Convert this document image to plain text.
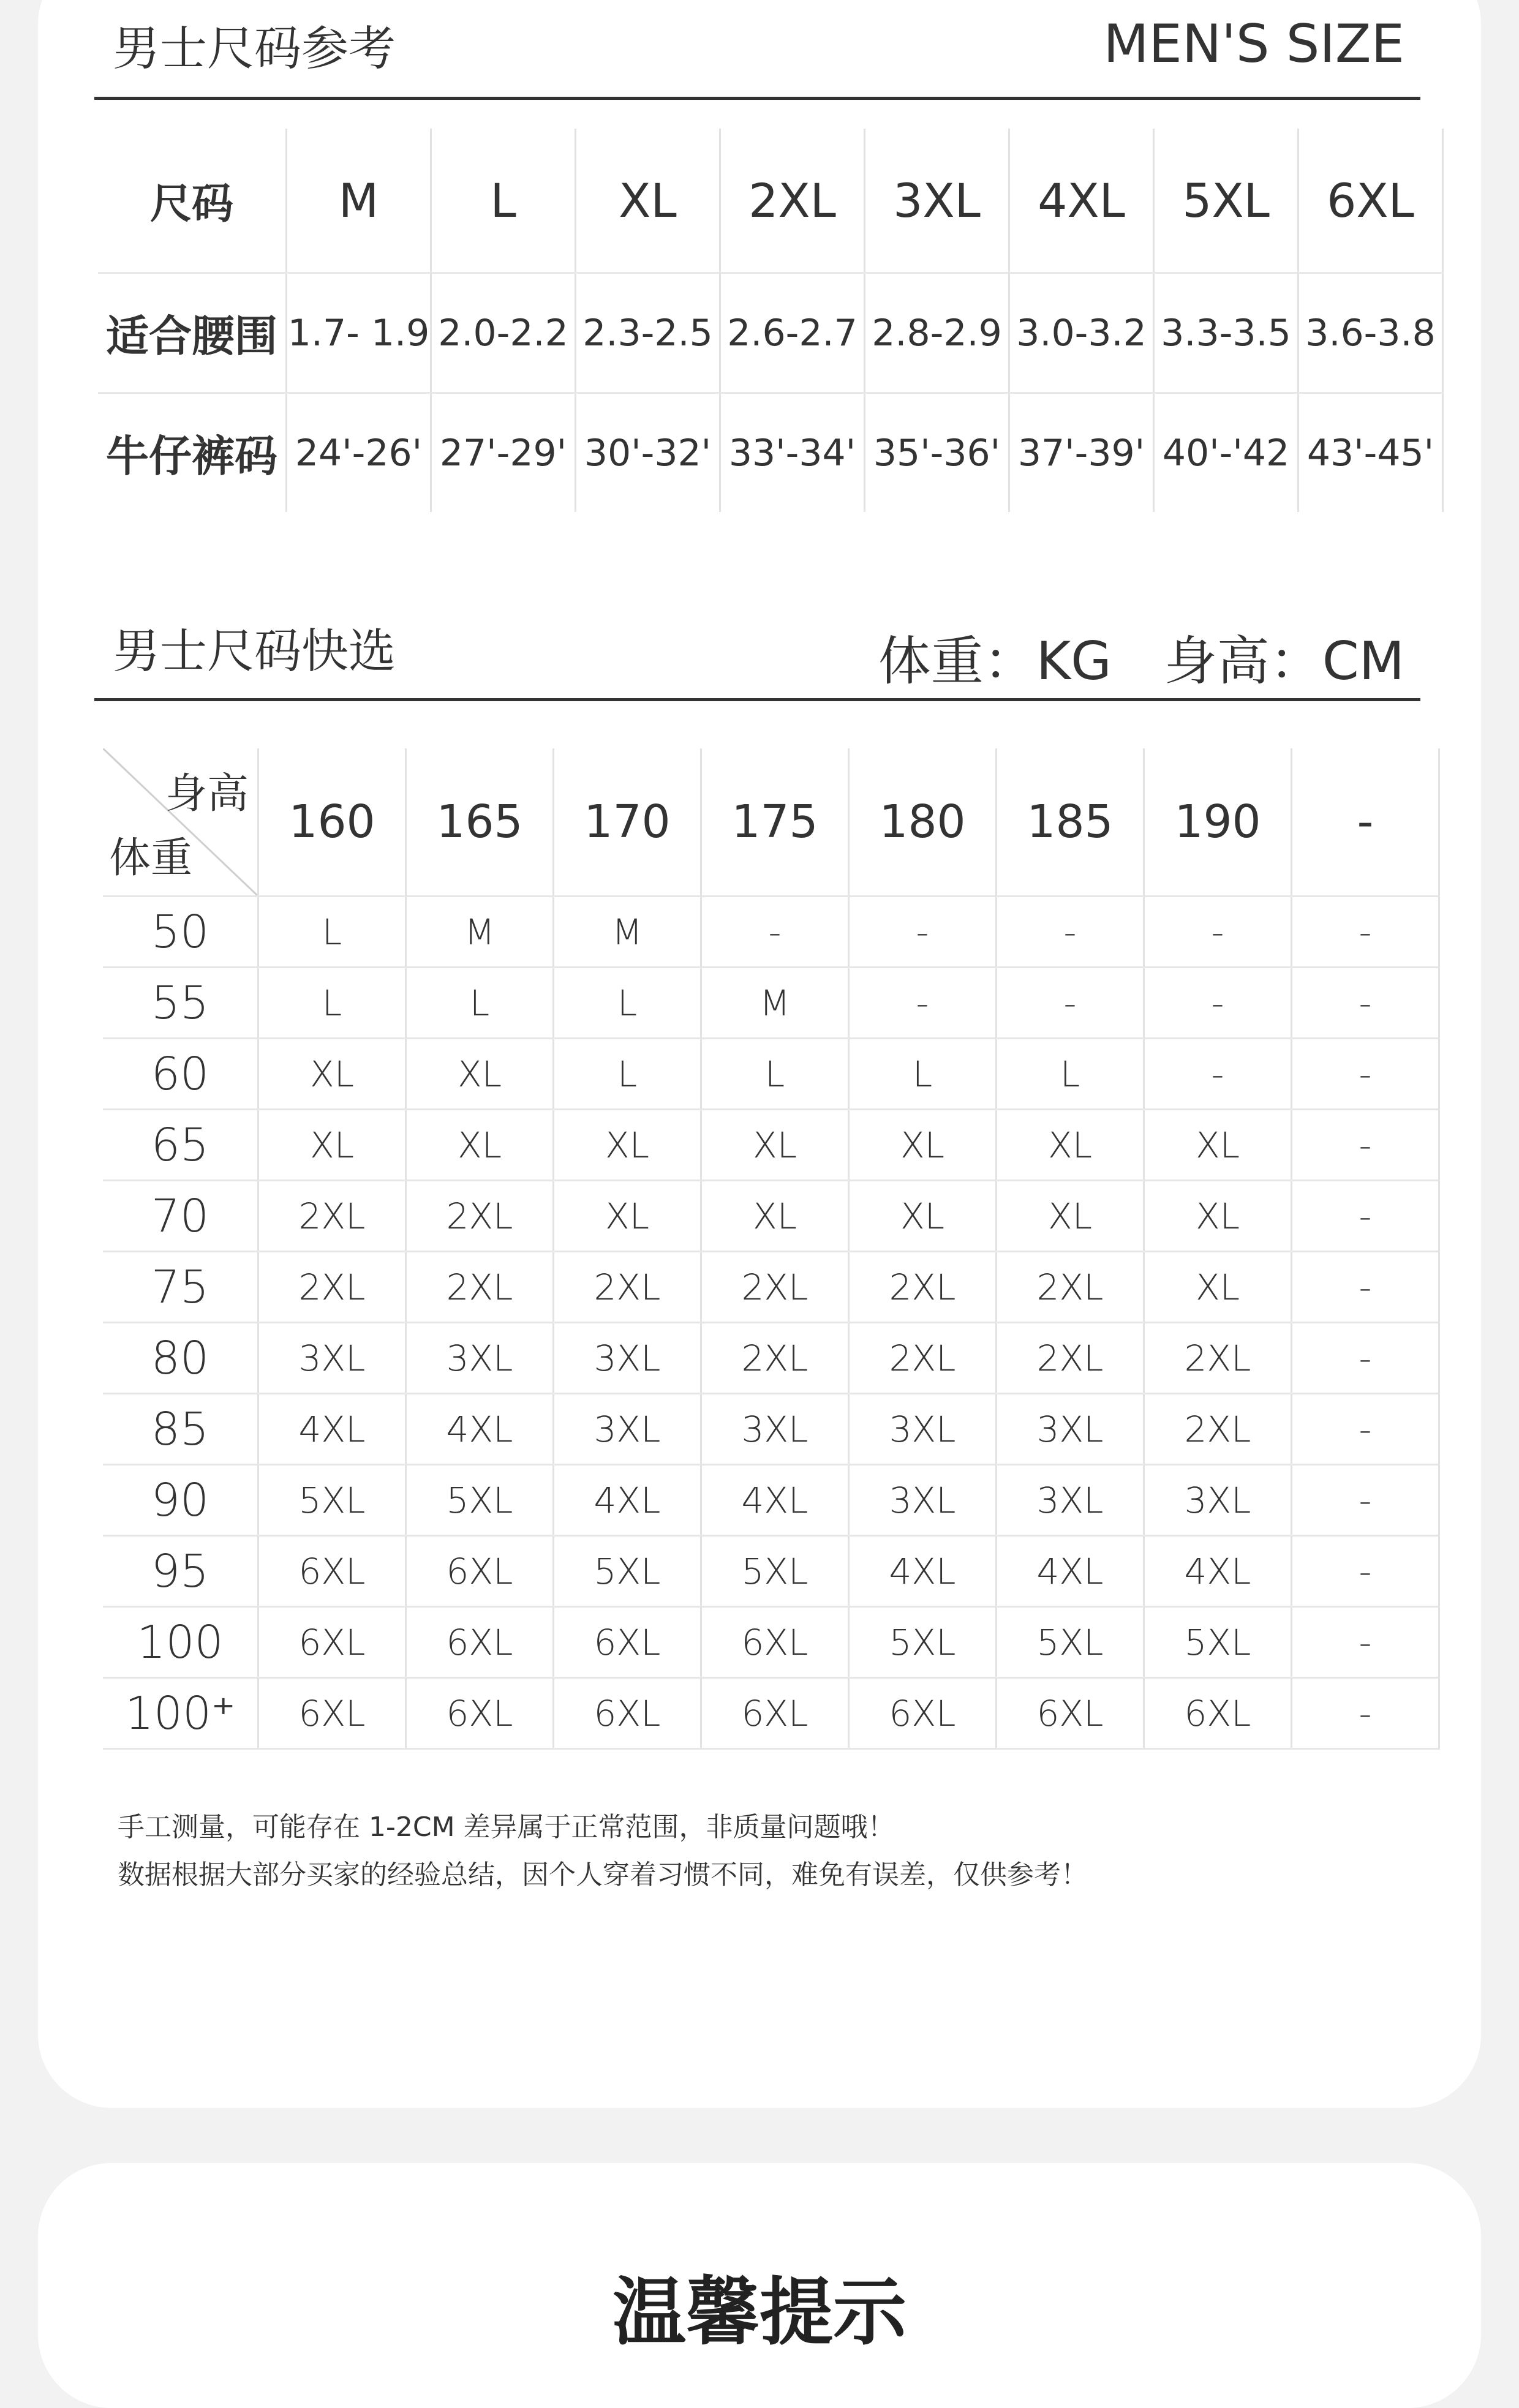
男士尺码参考	MEN'S SIZE
尺码	M	L	XL	2XL	3XL	4XL	5XL	6XL
适合腰围	1.7- 1.9	2.0-2.2	2.3-2.5	2.6-2.7	2.8-2.9	3.0-3.2	3.3-3.5	3.6-3.8
牛仔裤码	24'-26'	27'-29'	30'-32'	33'-34'	35'-36'	37'-39'	40'-'42	43'-45'
男士尺码快选	体重：KG　身高：CM
身高
体重	160	165	170	175	180	185	190	-
50	L	M	M	-	-	-	-	-
55	L	L	L	M	-	-	-	-
60	XL	XL	L	L	L	L	-	-
65	XL	XL	XL	XL	XL	XL	XL	-
70	2XL	2XL	XL	XL	XL	XL	XL	-
75	2XL	2XL	2XL	2XL	2XL	2XL	XL	-
80	3XL	3XL	3XL	2XL	2XL	2XL	2XL	-
85	4XL	4XL	3XL	3XL	3XL	3XL	2XL	-
90	5XL	5XL	4XL	4XL	3XL	3XL	3XL	-
95	6XL	6XL	5XL	5XL	4XL	4XL	4XL	-
100	6XL	6XL	6XL	6XL	5XL	5XL	5XL	-
100⁺	6XL	6XL	6XL	6XL	6XL	6XL	6XL	-
手工测量，可能存在 1-2CM 差异属于正常范围，非质量问题哦！
数据根据大部分买家的经验总结，因个人穿着习惯不同，难免有误差，仅供参考！
温馨提示
